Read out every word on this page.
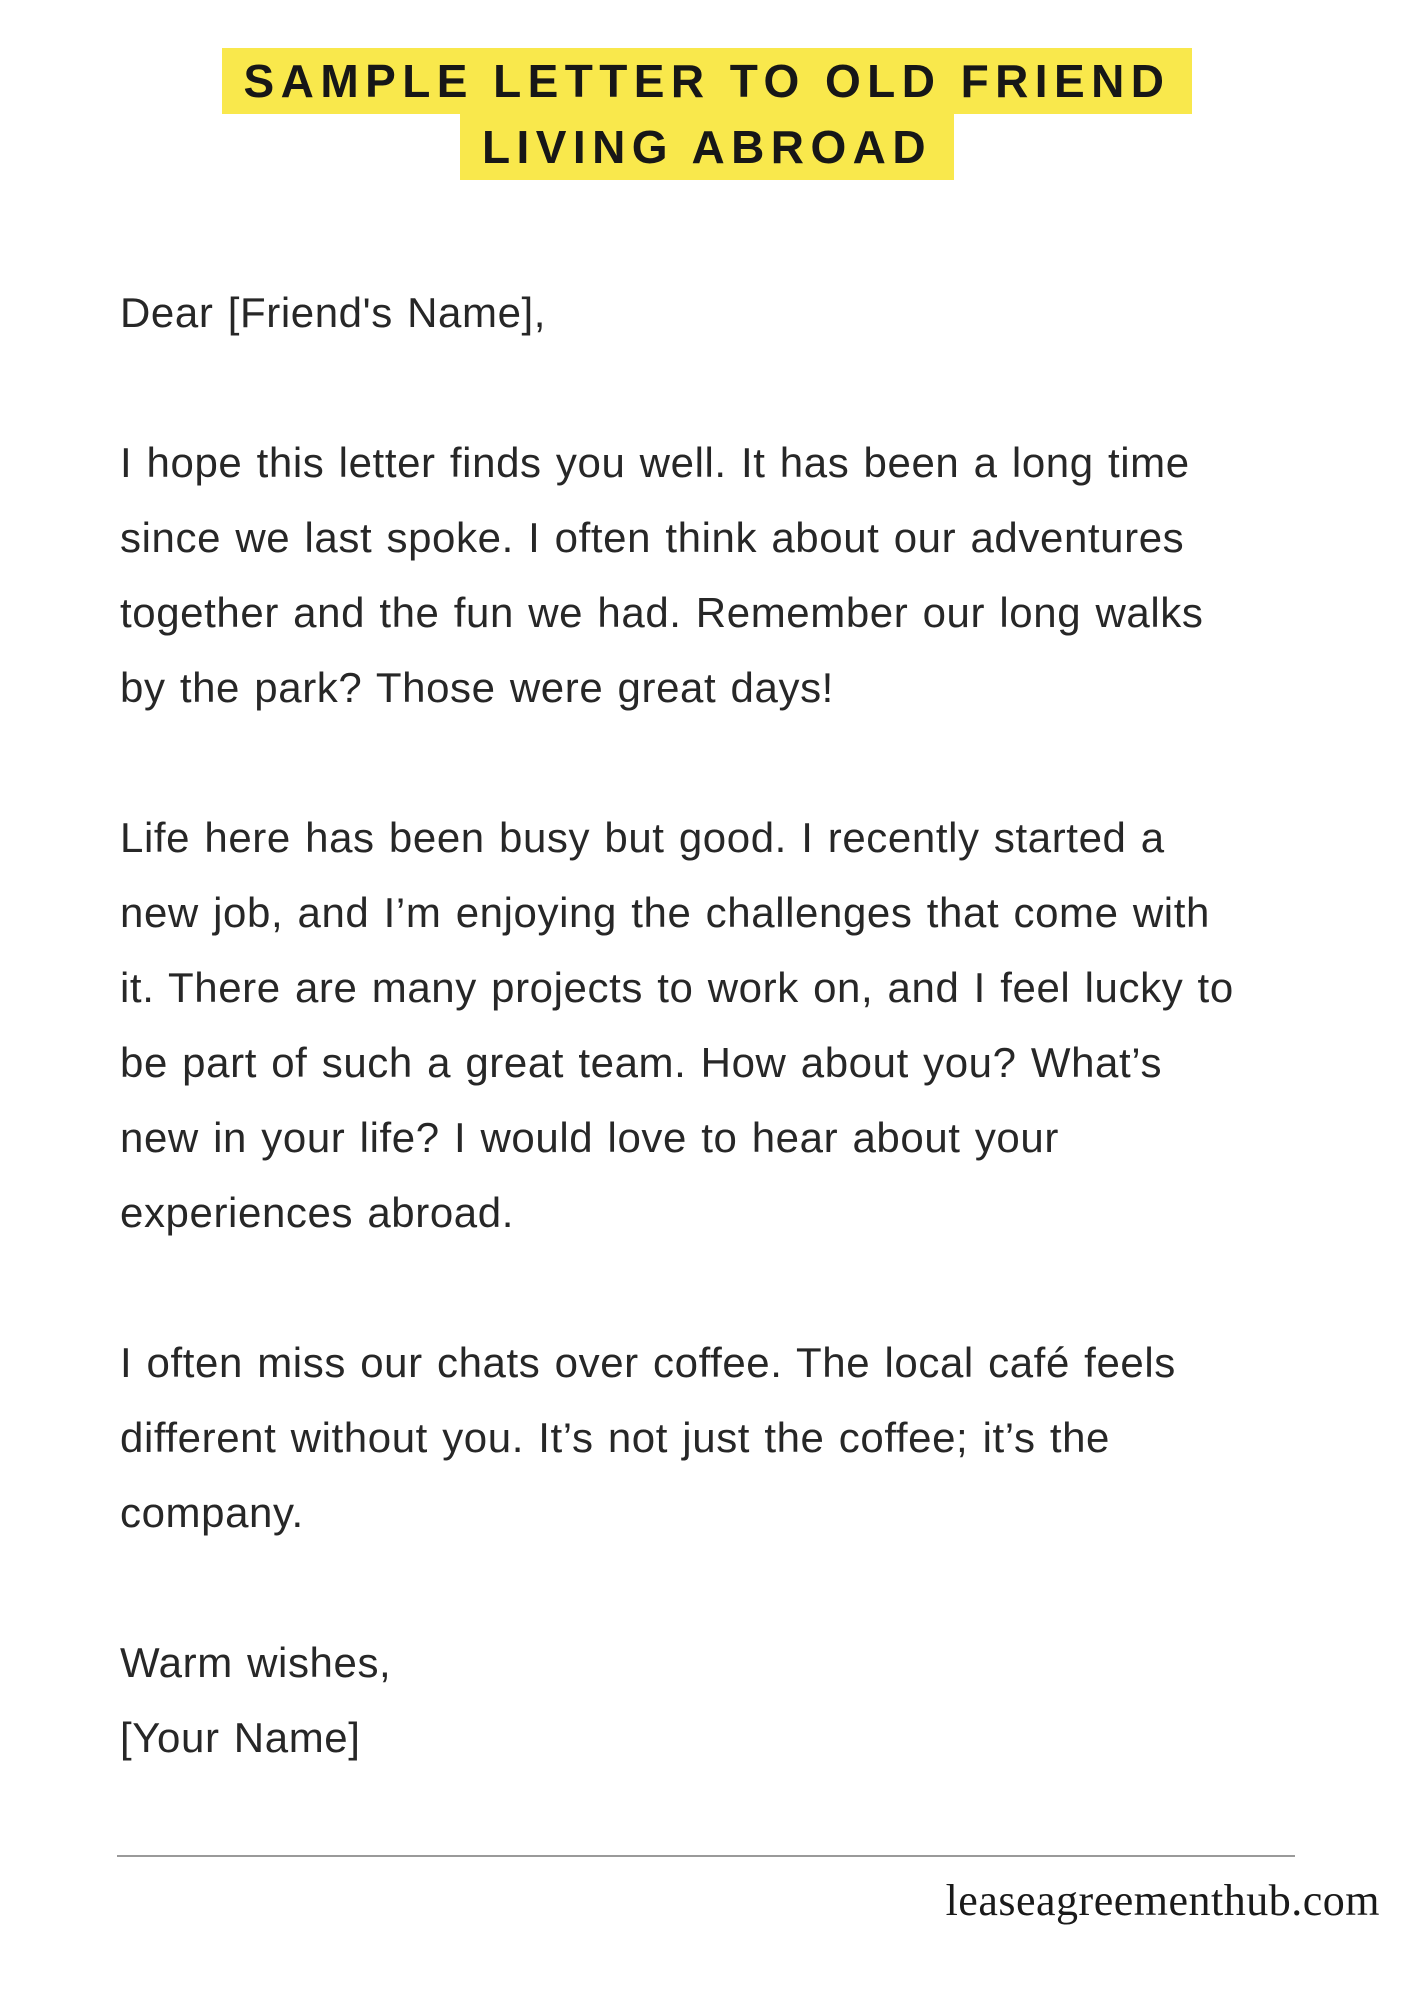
SAMPLE LETTER TO OLD FRIEND
LIVING ABROAD
Dear [Friend's Name],
I hope this letter finds you well. It has been a long time
since we last spoke. I often think about our adventures
together and the fun we had. Remember our long walks
by the park? Those were great days!
Life here has been busy but good. I recently started a
new job, and I’m enjoying the challenges that come with
it. There are many projects to work on, and I feel lucky to
be part of such a great team. How about you? What’s
new in your life? I would love to hear about your
experiences abroad.
I often miss our chats over coffee. The local café feels
different without you. It’s not just the coffee; it’s the
company.
Warm wishes,
[Your Name]
leaseagreementhub.com
